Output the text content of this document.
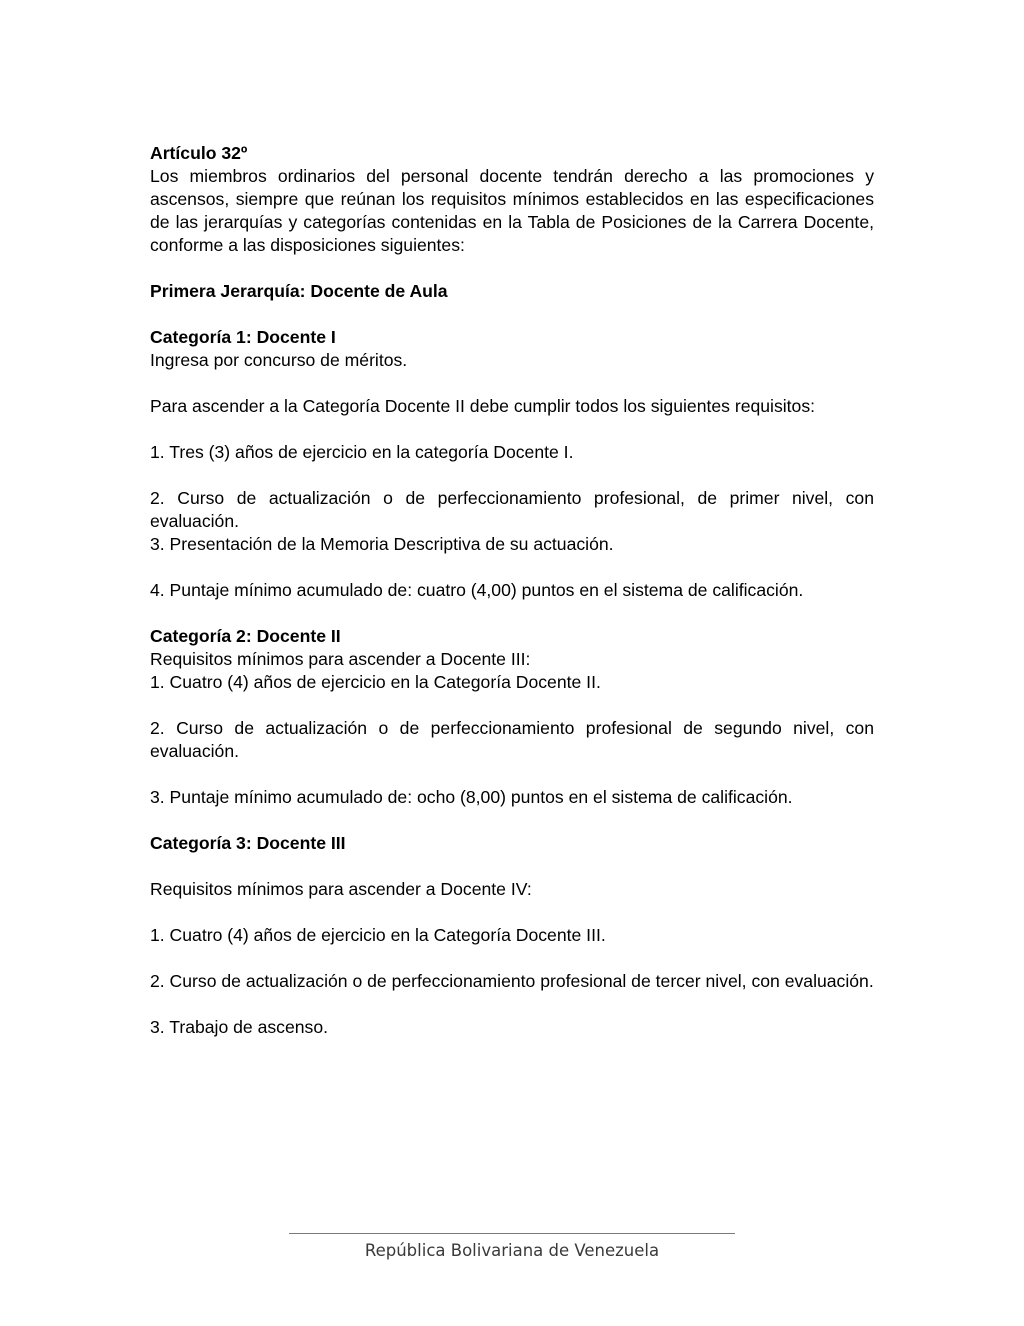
Artículo 32º

Los miembros ordinarios del personal docente tendrán derecho a las promociones y ascensos, siempre que reúnan los requisitos mínimos establecidos en las especificaciones de las jerarquías y categorías contenidas en la Tabla de Posiciones de la Carrera Docente, conforme a las disposiciones siguientes:

Primera Jerarquía: Docente de Aula

Categoría 1: Docente I

Ingresa por concurso de méritos.

Para ascender a la Categoría Docente II debe cumplir todos los siguientes requisitos:

1. Tres (3) años de ejercicio en la categoría Docente I.

2. Curso de actualización o de perfeccionamiento profesional, de primer nivel, con evaluación.

3. Presentación de la Memoria Descriptiva de su actuación.

4. Puntaje mínimo acumulado de: cuatro (4,00) puntos en el sistema de calificación.

Categoría 2: Docente II

Requisitos mínimos para ascender a Docente III:

1. Cuatro (4) años de ejercicio en la Categoría Docente II.

2. Curso de actualización o de perfeccionamiento profesional de segundo nivel, con evaluación.

3. Puntaje mínimo acumulado de: ocho (8,00) puntos en el sistema de calificación.

Categoría 3: Docente III

Requisitos mínimos para ascender a Docente IV:

1. Cuatro (4) años de ejercicio en la Categoría Docente III.

2. Curso de actualización o de perfeccionamiento profesional de tercer nivel, con evaluación.

3. Trabajo de ascenso.

República Bolivariana de Venezuela
